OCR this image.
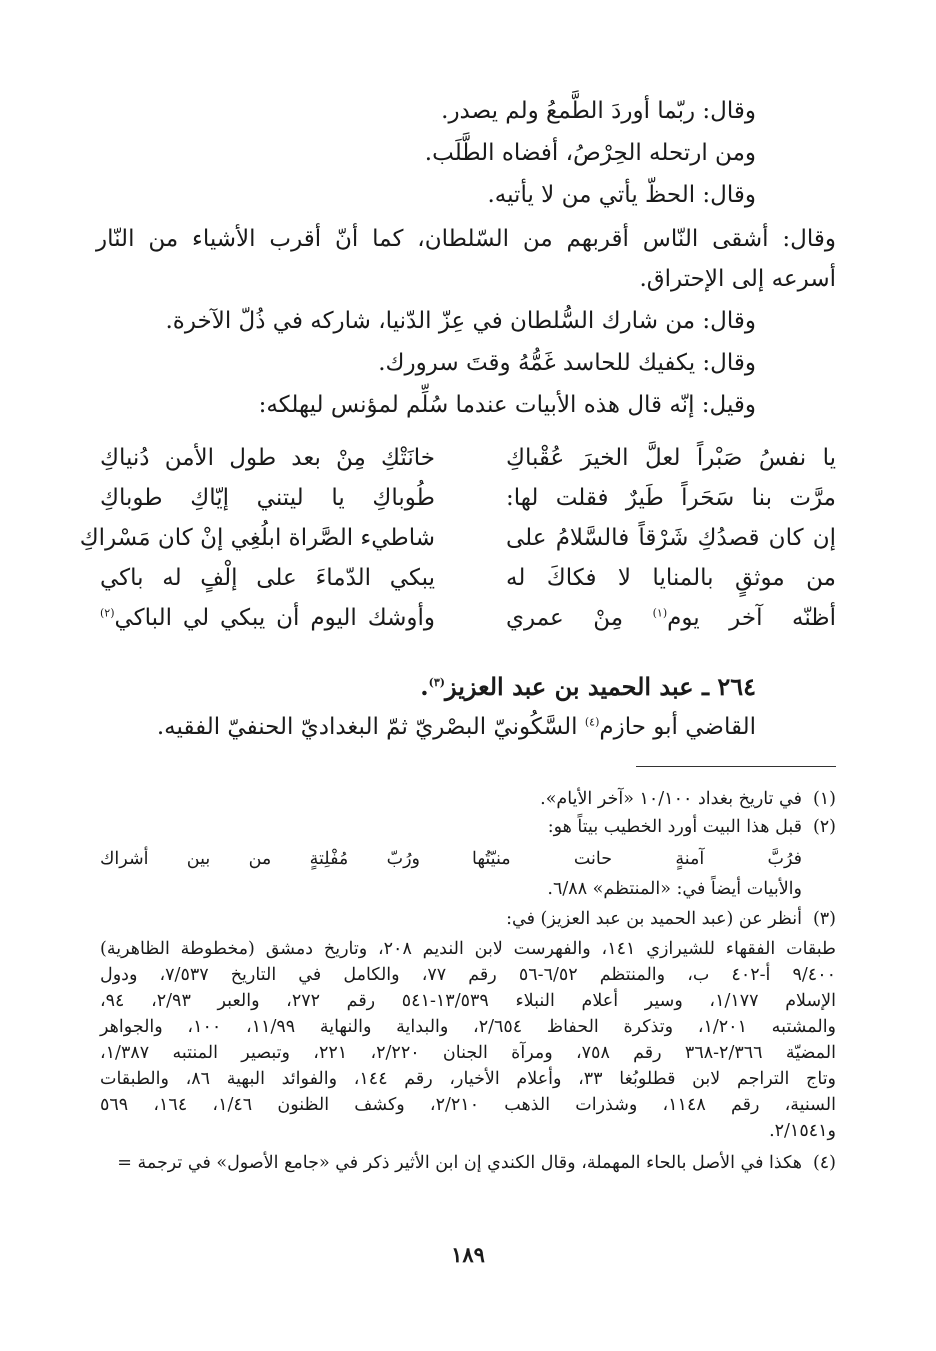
وقال: ربّما أوردَ الطَّمعُ ولم يصدر.
ومن ارتحله الحِرْصُ، أفضاه الطَّلَب.
وقال: الحظّ يأتي من لا يأتيه.
وقال: أشقى النّاس أقربهم من السّلطان، كما أنّ أقرب الأشياء من النّار
أسرعه إلى الإحتراق.
وقال: من شارك السُّلطان في عِزّ الدّنيا، شاركه في ذُلّ الآخرة.
وقال: يكفيك للحاسد غَمُّهُ وقتَ سرورك.
وقيل: إنّه قال هذه الأبيات عندما سُلِّم لمؤنس ليهلكه:
يا نفسُ صَبْراً لعلَّ الخيرَ عُقْباكِ
مرَّت بنا سَحَراً طَيرٌ فقلت لها:
إن كان قصدُكِ شَرْقاً فالسَّلامُ على
من موثقٍ بالمنايا لا فكاكَ له
أظنّه آخر يوم$^{(١)}$ مِنْ عمري
خانَتْكِ مِنْ بعد طول الأمن دُنياكِ
طُوباكِ يا ليتني إيّاكِ طوباكِ
شاطيء الصَّراة ابلُغِي إنْ كان مَسْراكِ
يبكي الدّماءَ على إلْفٍ له باكي
وأوشك اليوم أن يبكي لي الباكي$^{(٢)}$
٢٦٤ ـ عبد الحميد بن عبد العزيز$^{(٣)}$.
القاضي أبو حازم$^{(٤)}$ السَّكُونيّ البصْريّ ثمّ البغداديّ الحنفيّ الفقيه.
(١)في تاريخ بغداد ١٠/١٠٠ «آخر الأيام».
(٢)قبل هذا البيت أورد الخطيب بيتاً هو:
فرُبَّ آمنةٍ حانت منيّتُها
ورُبّ مُفْلِتةٍ من بين أشراك
والأبيات أيضاً في: «المنتظم» ٦/٨٨.
(٣)أنظر عن (عبد الحميد بن عبد العزيز) في:
طبقات الفقهاء للشيرازي ١٤١، والفهرست لابن النديم ٢٠٨، وتاريخ دمشق (مخطوطة الظاهرية)
٩/٤٠٠ أ-٤٠٢ ب، والمنتظم ٦/٥٢-٥٦ رقم ٧٧، والكامل في التاريخ ٧/٥٣٧، ودول
الإسلام ١/١٧٧، وسير أعلام النبلاء ١٣/٥٣٩-٥٤١ رقم ٢٧٢، والعبر ٢/٩٣، ٩٤،
والمشتبه ١/٢٠١، وتذكرة الحفاظ ٢/٦٥٤، والبداية والنهاية ١١/٩٩، ١٠٠، والجواهر
المضيّة ٢/٣٦٦-٣٦٨ رقم ٧٥٨، ومرآة الجنان ٢/٢٢٠، ٢٢١، وتبصير المنتبه ١/٣٨٧،
وتاج التراجم لابن قطلوبُغا ٣٣، وأعلام الأخيار، رقم ١٤٤، والفوائد البهية ٨٦، والطبقات
السنية، رقم ١١٤٨، وشذرات الذهب ٢/٢١٠، وكشف الظنون ١/٤٦، ١٦٤، ٥٦٩
و٢/١٥٤١.
(٤)هكذا في الأصل بالحاء المهملة، وقال الكندي إن ابن الأثير ذكر في «جامع الأصول» في ترجمة =
١٨٩
